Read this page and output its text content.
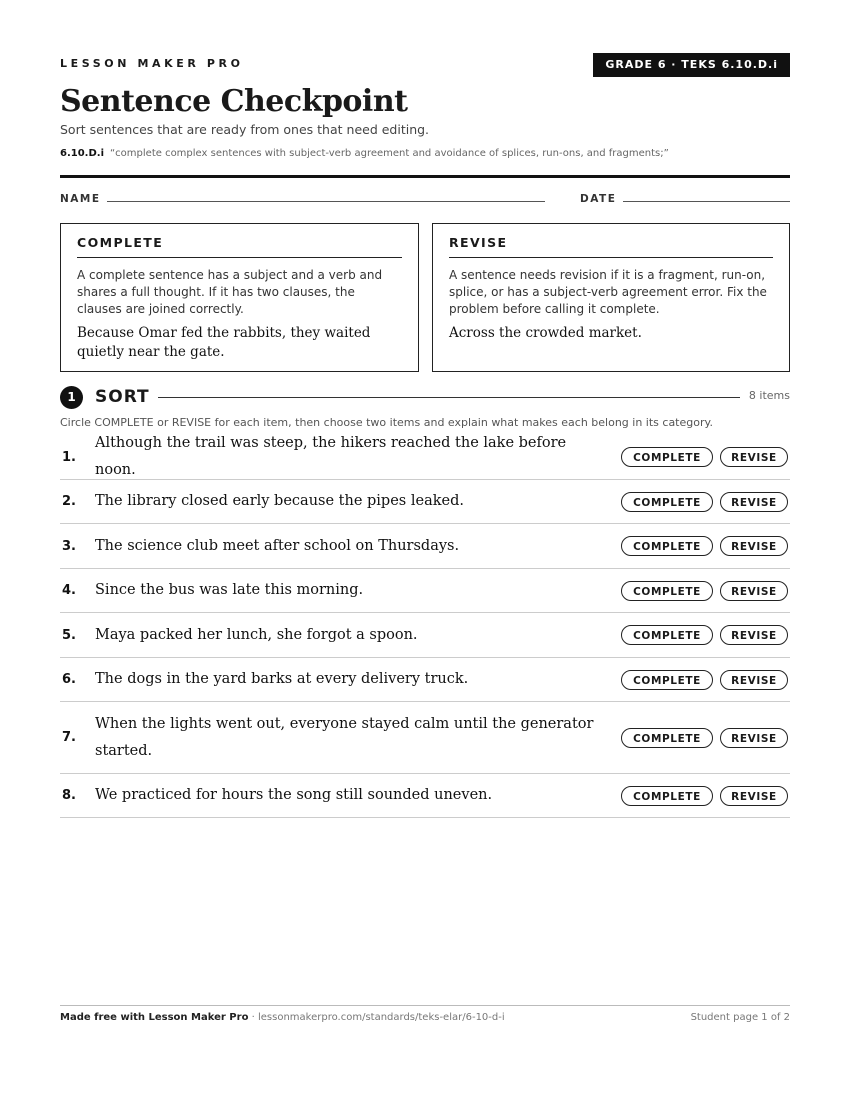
LESSON MAKER PRO	GRADE 6 · TEKS 6.10.D.i
Sentence Checkpoint
Sort sentences that are ready from ones that need editing.
6.10.D.i “complete complex sentences with subject-verb agreement and avoidance of splices, run-ons, and fragments;”
NAME	DATE
COMPLETE
A complete sentence has a subject and a verb and shares a full thought. If it has two clauses, the clauses are joined correctly.
Because Omar fed the rabbits, they waited quietly near the gate.
REVISE
A sentence needs revision if it is a fragment, run-on, splice, or has a subject-verb agreement error. Fix the problem before calling it complete.
Across the crowded market.
1	SORT	8 items
Circle COMPLETE or REVISE for each item, then choose two items and explain what makes each belong in its category.
1.
Although the trail was steep, the hikers reached the lake before noon.
COMPLETE	REVISE
2.	The library closed early because the pipes leaked.	COMPLETE	REVISE
3.	The science club meet after school on Thursdays.	COMPLETE	REVISE
4.	Since the bus was late this morning.	COMPLETE	REVISE
5.	Maya packed her lunch, she forgot a spoon.	COMPLETE	REVISE
6.	The dogs in the yard barks at every delivery truck.	COMPLETE	REVISE
7.
When the lights went out, everyone stayed calm until the generator started.
COMPLETE	REVISE
8.	We practiced for hours the song still sounded uneven.	COMPLETE	REVISE
Made free with Lesson Maker Pro · lessonmakerpro.com/standards/teks-elar/6-10-d-i	Student page 1 of 2
